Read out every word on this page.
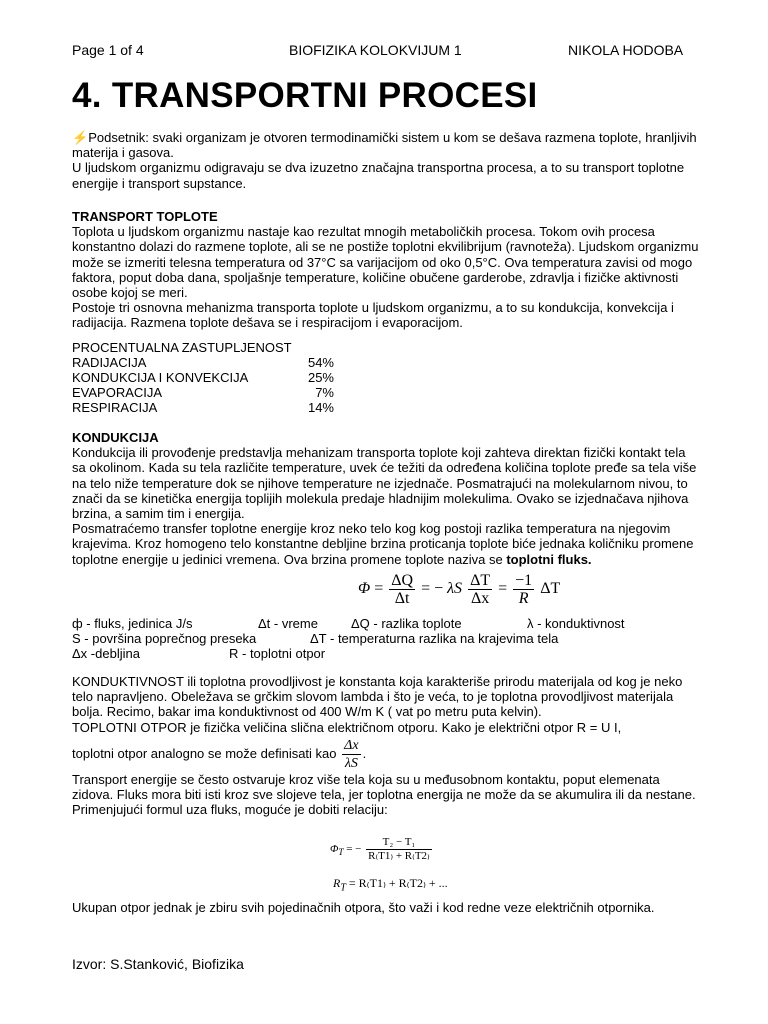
Page 1 of 4	BIOFIZIKA KOLOKVIJUM 1	NIKOLA HODOBA
4. TRANSPORTNI PROCESI

⚡Podsetnik: svaki organizam je otvoren termodinamički sistem u kom se dešava razmena toplote, hranljivih materija i gasova.

U ljudskom organizmu odigravaju se dva izuzetno značajna transportna procesa, a to su transport toplotne energije i transport supstance.

TRANSPORT TOPLOTE

Toplota u ljudskom organizmu nastaje kao rezultat mnogih metaboličkih procesa. Tokom ovih procesa konstantno dolazi do razmene toplote, ali se ne postiže toplotni ekvilibrijum (ravnoteža). Ljudskom organizmu može se izmeriti telesna temperatura od 37°C sa varijacijom od oko 0,5°C. Ova temperatura zavisi od mogo faktora, poput doba dana, spoljašnje temperature, količine obučene garderobe, zdravlja i fizičke aktivnosti osobe kojoj se meri.

Postoje tri osnovna mehanizma transporta toplote u ljudskom organizmu, a to su kondukcija, konvekcija i radijacija. Razmena toplote dešava se i respiracijom i evaporacijom.

PROCENTUALNA ZASTUPLJENOST

RADIJACIJA	54%
KONDUKCIJA I KONVEKCIJA	25%
EVAPORACIJA	7%
RESPIRACIJA	14%

KONDUKCIJA

Kondukcija ili provođenje predstavlja mehanizam transporta toplote koji zahteva direktan fizički kontakt tela sa okolinom. Kada su tela različite temperature, uvek će težiti da određena količina toplote pređe sa tela više na telo niže temperature dok se njihove temperature ne izjednače. Posmatrajući na molekularnom nivou, to znači da se kinetička energija toplijih molekula predaje hladnijim molekulima. Ovako se izjednačava njihova brzina, a samim tim i energija.

Posmatraćemo transfer toplotne energije kroz neko telo kog kog postoji razlika temperatura na njegovim krajevima. Kroz homogeno telo konstantne debljine brzina proticanja toplote biće jednaka količniku promene toplotne energije u jedinici vremena. Ova brzina promene toplote naziva se toplotni fluks.

$\Phi = \frac{\Delta Q}{\Delta t}$ = − λS $\frac{\Delta T}{\Delta x} = \frac{-1}{R}$ ΔT
ф - fluks, jedinica J/s	Δt - vreme	ΔQ - razlika toplote	λ - konduktivnost
S - površina poprečnog preseka	ΔT - temperaturna razlika na krajevima tela
Δx -debljina	R - toplotni otpor

KONDUKTIVNOST ili toplotna provodljivost je konstanta koja karakteriše prirodu materijala od kog je neko telo napravljeno. Obeležava se grčkim slovom lambda i što je veća, to je toplotna provodljivost materijala bolja. Recimo, bakar ima konduktivnost od 400 W/m K ( vat po metru puta kelvin).

TOPLOTNI OTPOR je fizička veličina slična električnom otporu. Kako je električni otpor R = U I,

toplotni otpor analogno se može definisati kao $\frac{\Delta x}{\lambda S}$ .

Transport energije se često ostvaruje kroz više tela koja su u međusobnom kontaktu, poput elemenata zidova. Fluks mora biti isti kroz sve slojeve tela, jer toplotna energija ne može da se akumulira ili da nestane. Primenjujući formul uza fluks, moguće je dobiti relaciju:

$\Phi_T$ = − $\frac{\text{T₂ − T₁}}{R_(T1_) + R_(T2_)}$
$R_T = R_(T1_) + R_(T2_)$ + ...

Ukupan otpor jednak je zbiru svih pojedinačnih otpora, što važi i kod redne veze električnih otpornika.

Izvor: S.Stanković, Biofizika
